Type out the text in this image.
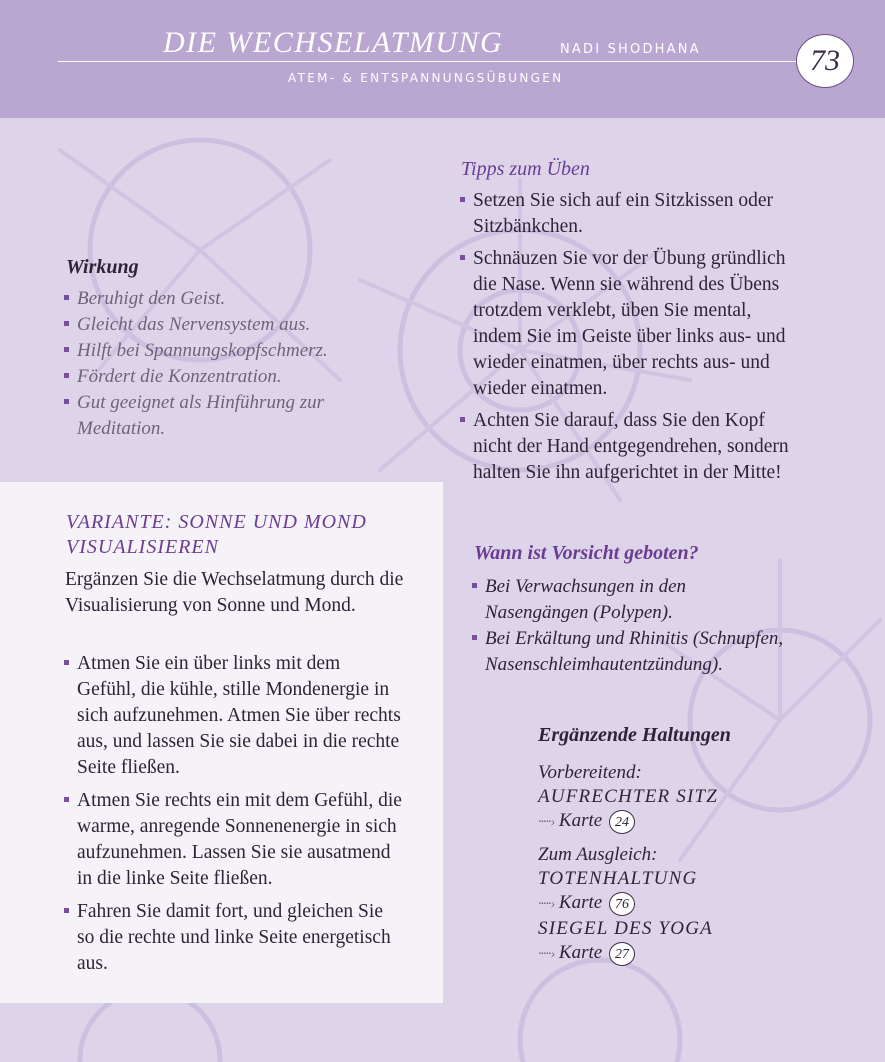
DIE WECHSELATMUNG	NADI SHODHANA
ATEM- & ENTSPANNUNGSÜBUNGEN
73
Wirkung
Beruhigt den Geist.
Gleicht das Nervensystem aus.
Hilft bei Spannungskopfschmerz.
Fördert die Konzentration.
Gut geeignet als Hinführung zur Meditation.
Tipps zum Üben
Setzen Sie sich auf ein Sitzkissen oder Sitzbänkchen.
Schnäuzen Sie vor der Übung gründlich die Nase. Wenn sie während des Übens trotzdem verklebt, üben Sie mental, indem Sie im Geiste über links aus- und wieder einatmen, über rechts aus- und wieder einatmen.
Achten Sie darauf, dass Sie den Kopf nicht der Hand entgegendrehen, sondern halten Sie ihn aufgerichtet in der Mitte!
Wann ist Vorsicht geboten?
Bei Verwachsungen in den Nasengängen (Polypen).
Bei Erkältung und Rhinitis (Schnupfen, Nasenschleimhautentzündung).
VARIANTE: SONNE UND MOND VISUALISIEREN
Ergänzen Sie die Wechselatmung durch die Visualisierung von Sonne und Mond.
Atmen Sie ein über links mit dem Gefühl, die kühle, stille Mondenergie in sich aufzunehmen. Atmen Sie über rechts aus, und lassen Sie sie dabei in die rechte Seite fließen.
Atmen Sie rechts ein mit dem Gefühl, die warme, anregende Sonnenenergie in sich aufzunehmen. Lassen Sie sie ausatmend in die linke Seite fließen.
Fahren Sie damit fort, und gleichen Sie so die rechte und linke Seite energetisch aus.
Ergänzende Haltungen
Vorbereitend:
AUFRECHTER SITZ
·····› Karte 24
Zum Ausgleich:
TOTENHALTUNG
·····› Karte 76
SIEGEL DES YOGA
·····› Karte 27
